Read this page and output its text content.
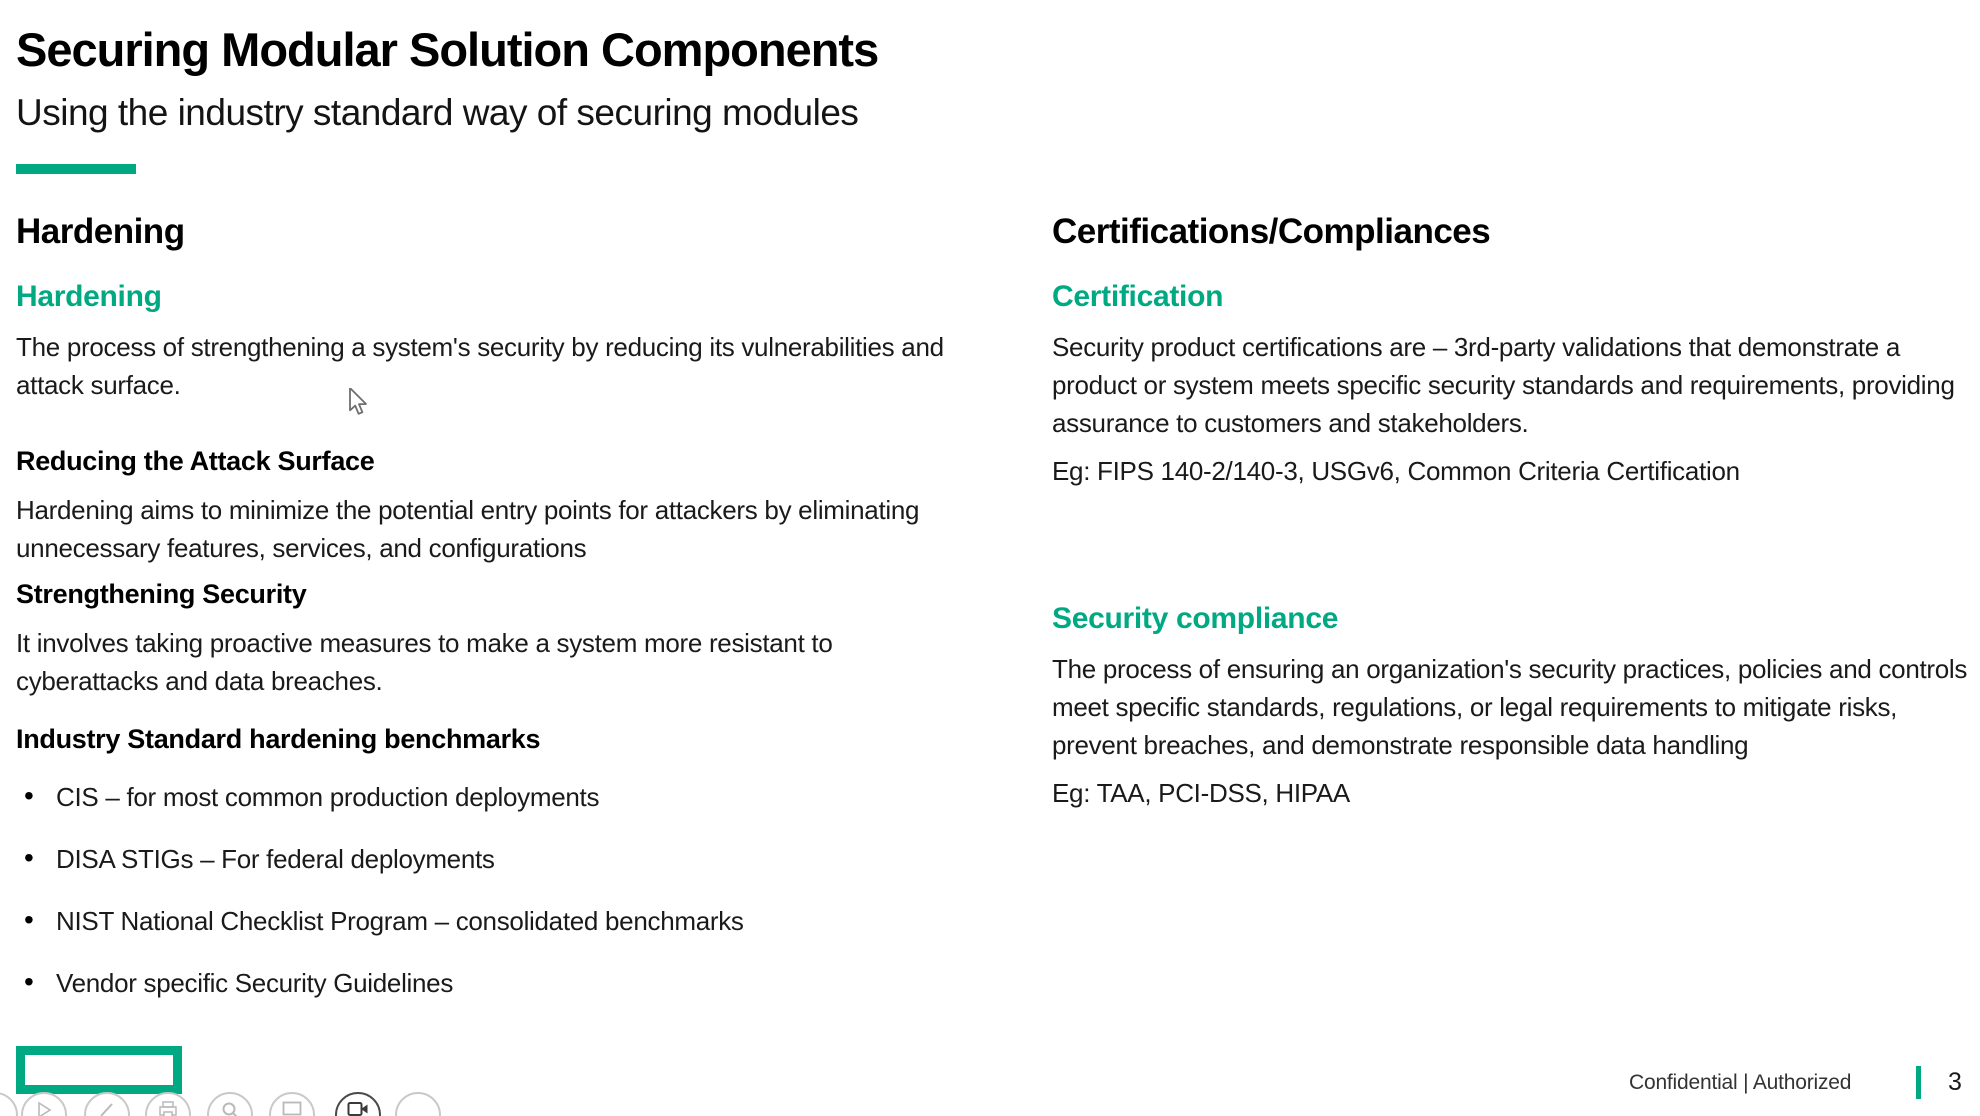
Securing Modular Solution Components
Using the industry standard way of securing modules
Hardening
Hardening

The process of strengthening a system's security by reducing its vulnerabilities and attack surface.

Reducing the Attack Surface

Hardening aims to minimize the potential entry points for attackers by eliminating unnecessary features, services, and configurations

Strengthening Security

It involves taking proactive measures to make a system more resistant to cyberattacks and data breaches.

Industry Standard hardening benchmarks
• CIS – for most common production deployments
• DISA STIGs – For federal deployments
• NIST National Checklist Program – consolidated benchmarks
• Vendor specific Security Guidelines
Certifications/Compliances
Certification

Security product certifications are – 3rd-party validations that demonstrate a product or system meets specific security standards and requirements, providing assurance to customers and stakeholders.

Eg: FIPS 140-2/140-3, USGv6, Common Criteria Certification

Security compliance

The process of ensuring an organization's security practices, policies and controls meet specific standards, regulations, or legal requirements to mitigate risks, prevent breaches, and demonstrate responsible data handling

Eg: TAA, PCI-DSS, HIPAA

Confidential | Authorized	3
